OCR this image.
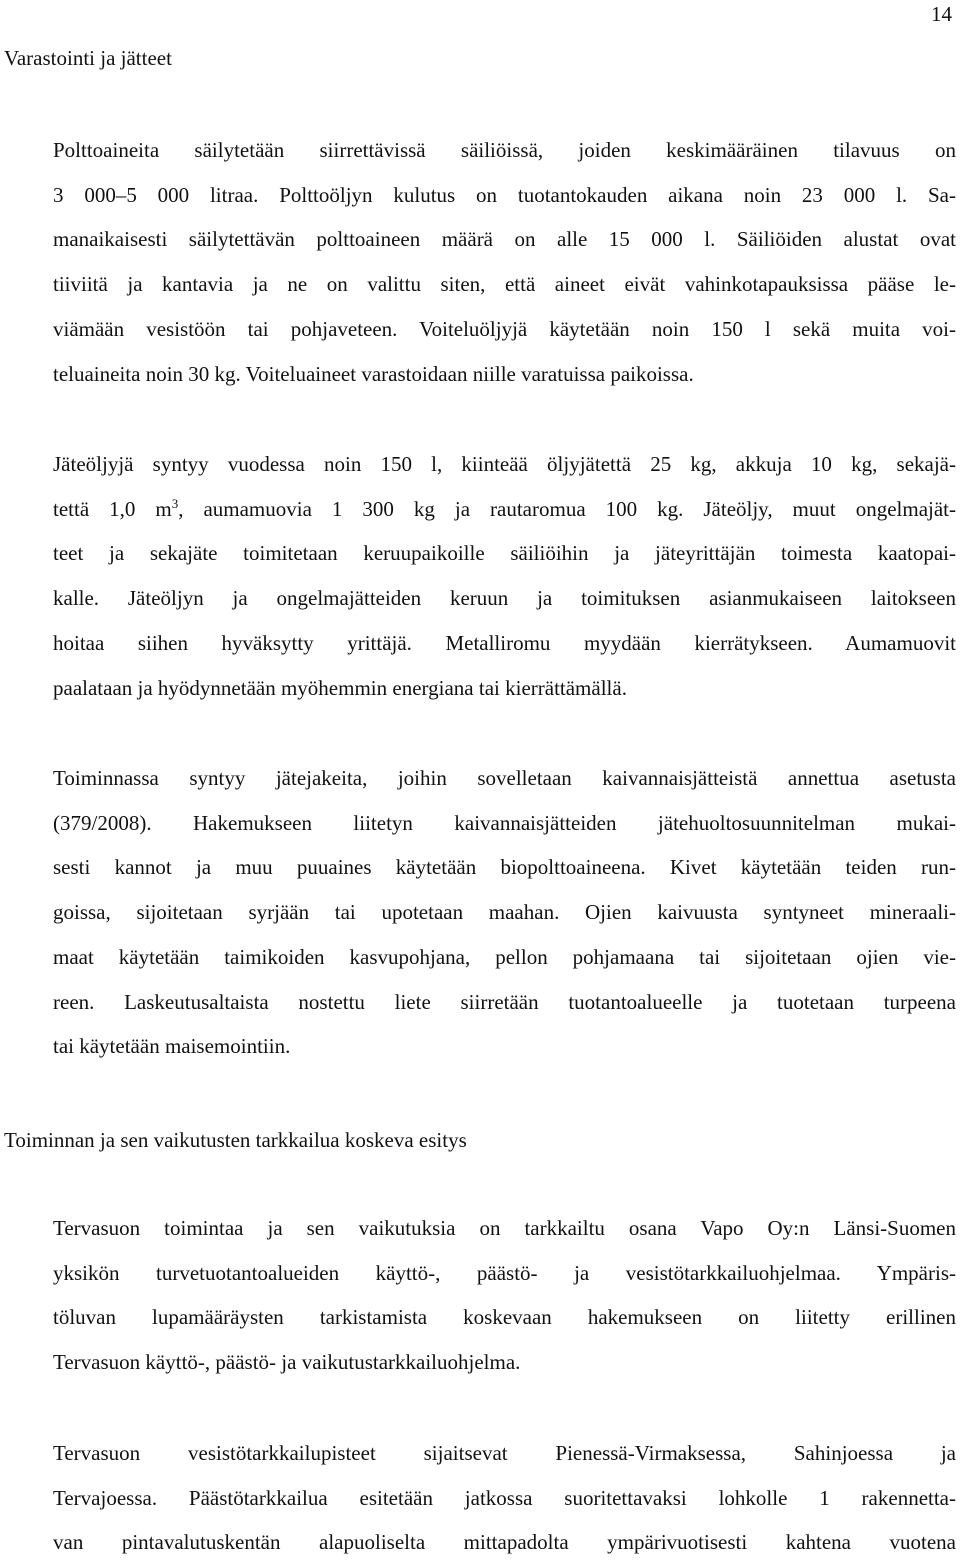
14
Varastointi ja jätteet
Polttoaineita säilytetään siirrettävissä säiliöissä, joiden keskimääräinen tilavuus on
3 000–5 000 litraa. Polttoöljyn kulutus on tuotantokauden aikana noin 23 000 l. Sa-
manaikaisesti säilytettävän polttoaineen määrä on alle 15 000 l. Säiliöiden alustat ovat
tiiviitä ja kantavia ja ne on valittu siten, että aineet eivät vahinkotapauksissa pääse le-
viämään vesistöön tai pohjaveteen. Voiteluöljyjä käytetään noin 150 l sekä muita voi-
teluaineita noin 30 kg. Voiteluaineet varastoidaan niille varatuissa paikoissa.
Jäteöljyjä syntyy vuodessa noin 150 l, kiinteää öljyjätettä 25 kg, akkuja 10 kg, sekajä-
tettä 1,0 $m^3$, aumamuovia 1 300 kg ja rautaromua 100 kg. Jäteöljy, muut ongelmajät-
teet ja sekajäte toimitetaan keruupaikoille säiliöihin ja jäteyrittäjän toimesta kaatopai-
kalle. Jäteöljyn ja ongelmajätteiden keruun ja toimituksen asianmukaiseen laitokseen
hoitaa siihen hyväksytty yrittäjä. Metalliromu myydään kierrätykseen. Aumamuovit
paalataan ja hyödynnetään myöhemmin energiana tai kierrättämällä.
Toiminnassa syntyy jätejakeita, joihin sovelletaan kaivannaisjätteistä annettua asetusta
(379/2008). Hakemukseen liitetyn kaivannaisjätteiden jätehuoltosuunnitelman mukai-
sesti kannot ja muu puuaines käytetään biopolttoaineena. Kivet käytetään teiden run-
goissa, sijoitetaan syrjään tai upotetaan maahan. Ojien kaivuusta syntyneet mineraali-
maat käytetään taimikoiden kasvupohjana, pellon pohjamaana tai sijoitetaan ojien vie-
reen. Laskeutusaltaista nostettu liete siirretään tuotantoalueelle ja tuotetaan turpeena
tai käytetään maisemointiin.
Toiminnan ja sen vaikutusten tarkkailua koskeva esitys
Tervasuon toimintaa ja sen vaikutuksia on tarkkailtu osana Vapo Oy:n Länsi-Suomen
yksikön turvetuotantoalueiden käyttö-, päästö- ja vesistötarkkailuohjelmaa. Ympäris-
töluvan lupamääräysten tarkistamista koskevaan hakemukseen on liitetty erillinen
Tervasuon käyttö-, päästö- ja vaikutustarkkailuohjelma.
Tervasuon vesistötarkkailupisteet sijaitsevat Pienessä-Virmaksessa, Sahinjoessa ja
Tervajoessa. Päästötarkkailua esitetään jatkossa suoritettavaksi lohkolle 1 rakennetta-
van pintavalutuskentän alapuoliselta mittapadolta ympärivuotisesti kahtena vuotena
